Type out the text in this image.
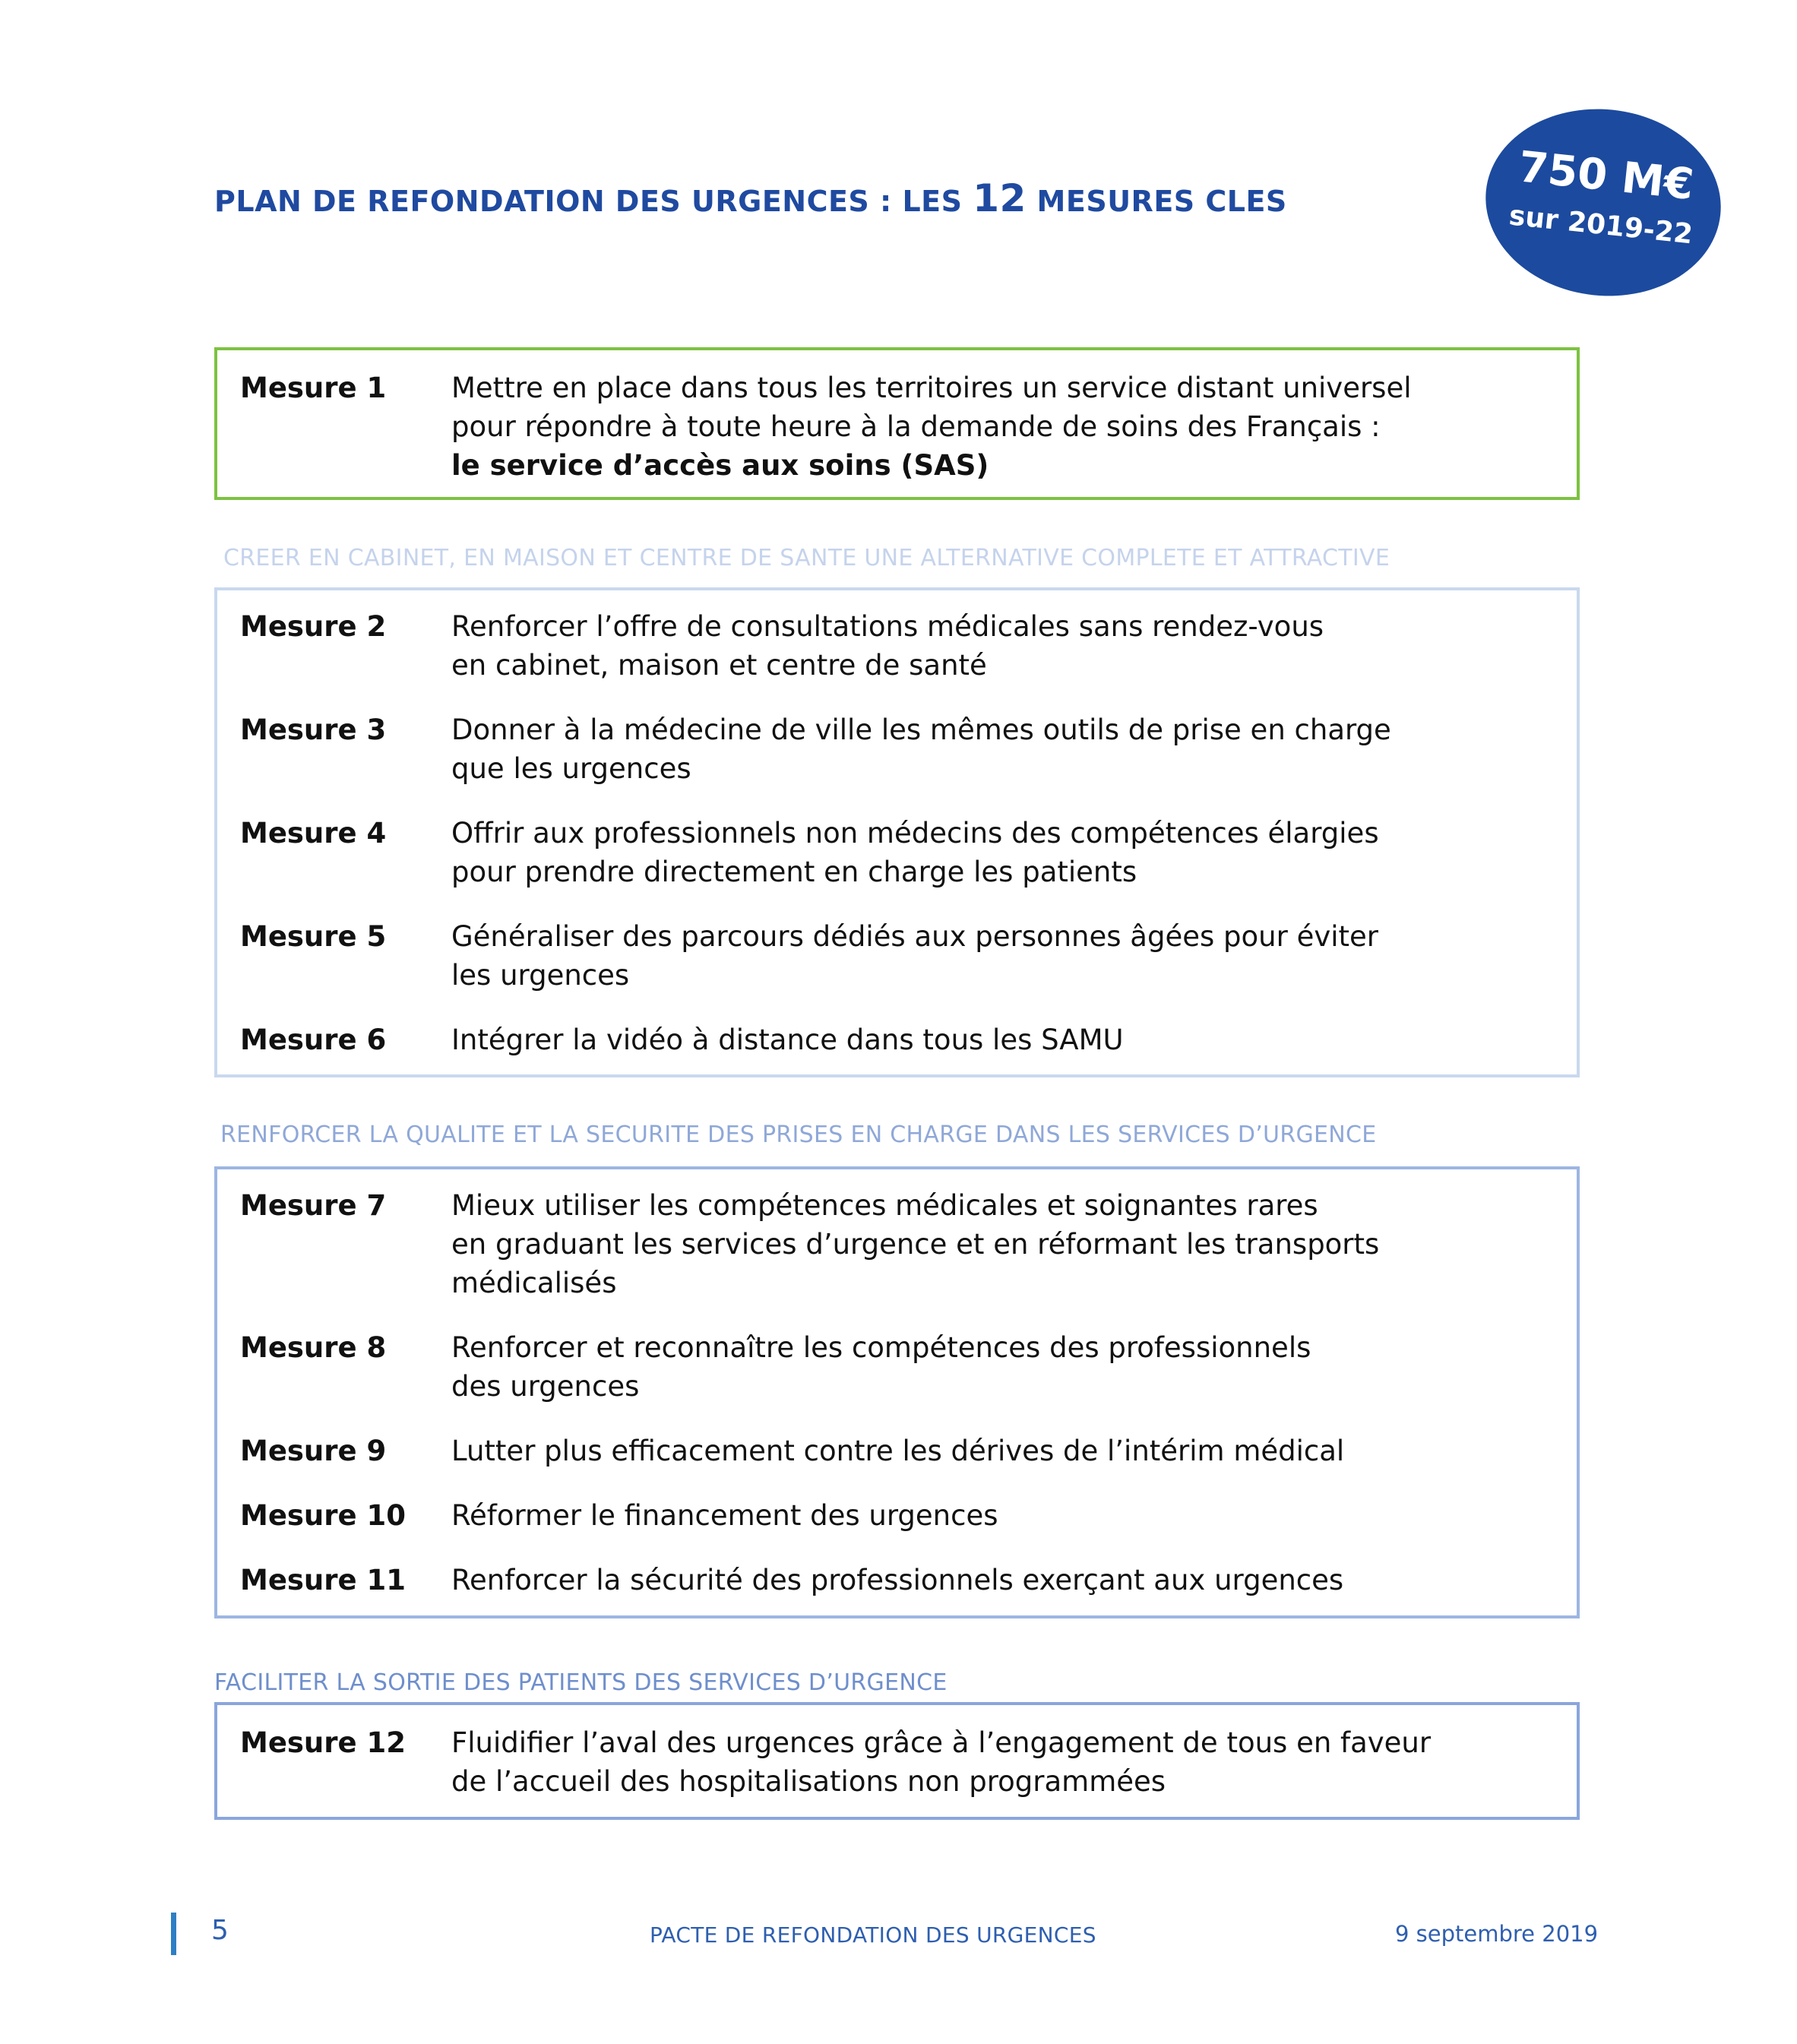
PLAN DE REFONDATION DES URGENCES : LES 12 MESURES CLES	750 M€
sur 2019-22
Mesure 1 Mettre en place dans tous les territoires un service distant universel
pour répondre à toute heure à la demande de soins des Français :
le service d’accès aux soins (SAS)

CREER EN CABINET, EN MAISON ET CENTRE DE SANTE UNE ALTERNATIVE COMPLETE ET ATTRACTIVE
Mesure 2 Renforcer l’offre de consultations médicales sans rendez-vous
en cabinet, maison et centre de santé

Mesure 3 Donner à la médecine de ville les mêmes outils de prise en charge
que les urgences

Mesure 4 Offrir aux professionnels non médecins des compétences élargies
pour prendre directement en charge les patients

Mesure 5 Généraliser des parcours dédiés aux personnes âgées pour éviter
les urgences

Mesure 6 Intégrer la vidéo à distance dans tous les SAMU

RENFORCER LA QUALITE ET LA SECURITE DES PRISES EN CHARGE DANS LES SERVICES D’URGENCE
Mesure 7 Mieux utiliser les compétences médicales et soignantes rares
en graduant les services d’urgence et en réformant les transports
médicalisés

Mesure 8 Renforcer et reconnaître les compétences des professionnels
des urgences

Mesure 9 Lutter plus efficacement contre les dérives de l’intérim médical

Mesure 10 Réformer le financement des urgences

Mesure 11 Renforcer la sécurité des professionnels exerçant aux urgences

FACILITER LA SORTIE DES PATIENTS DES SERVICES D’URGENCE
Mesure 12 Fluidifier l’aval des urgences grâce à l’engagement de tous en faveur
de l’accueil des hospitalisations non programmées

5	PACTE DE REFONDATION DES URGENCES	9 septembre 2019
